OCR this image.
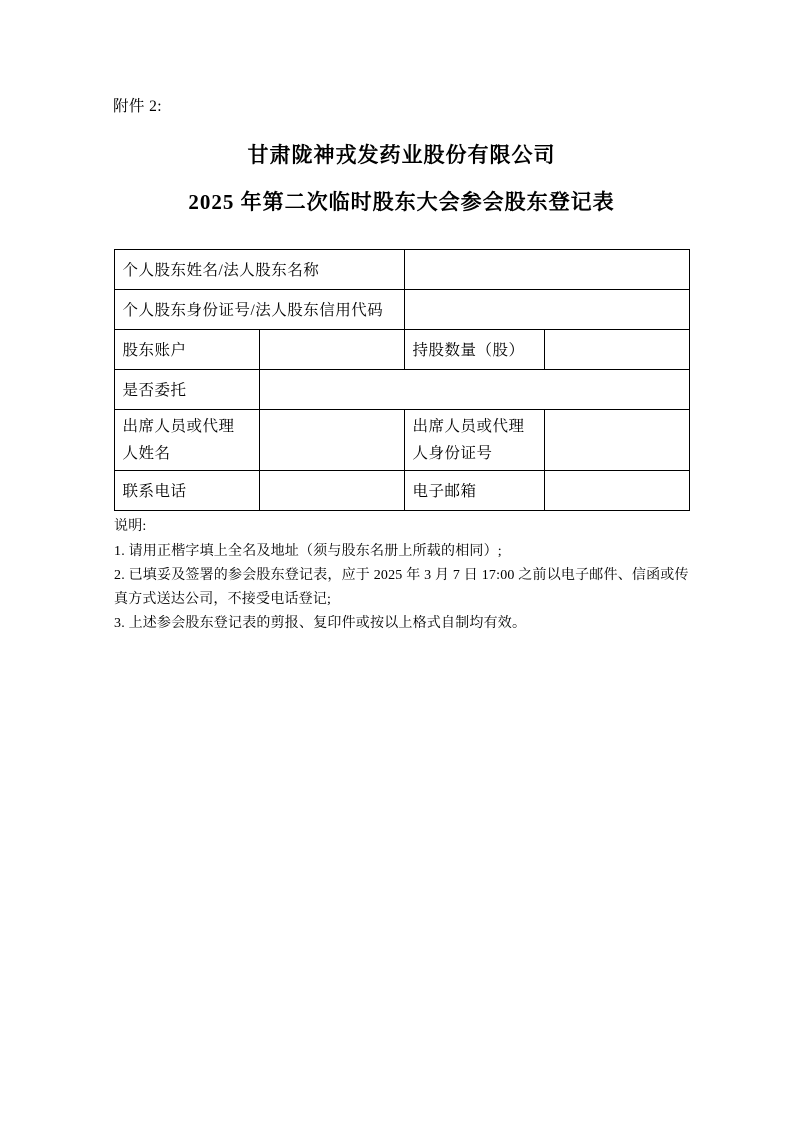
附件 2:
甘肃陇神戎发药业股份有限公司
2025 年第二次临时股东大会参会股东登记表
个人股东姓名/法人股东名称			
个人股东身份证号/法人股东信用代码			
股东账户		持股数量（股）	
是否委托			
出席人员或代理 人姓名		出席人员或代理 人身份证号	
联系电话		电子邮箱	

说明:

1. 请用正楷字填上全名及地址（须与股东名册上所载的相同）;

2. 已填妥及签署的参会股东登记表，应于 2025 年 3 月 7 日 17:00 之前以电子邮件、信函或传真方式送达公司，不接受电话登记;

3. 上述参会股东登记表的剪报、复印件或按以上格式自制均有效。
